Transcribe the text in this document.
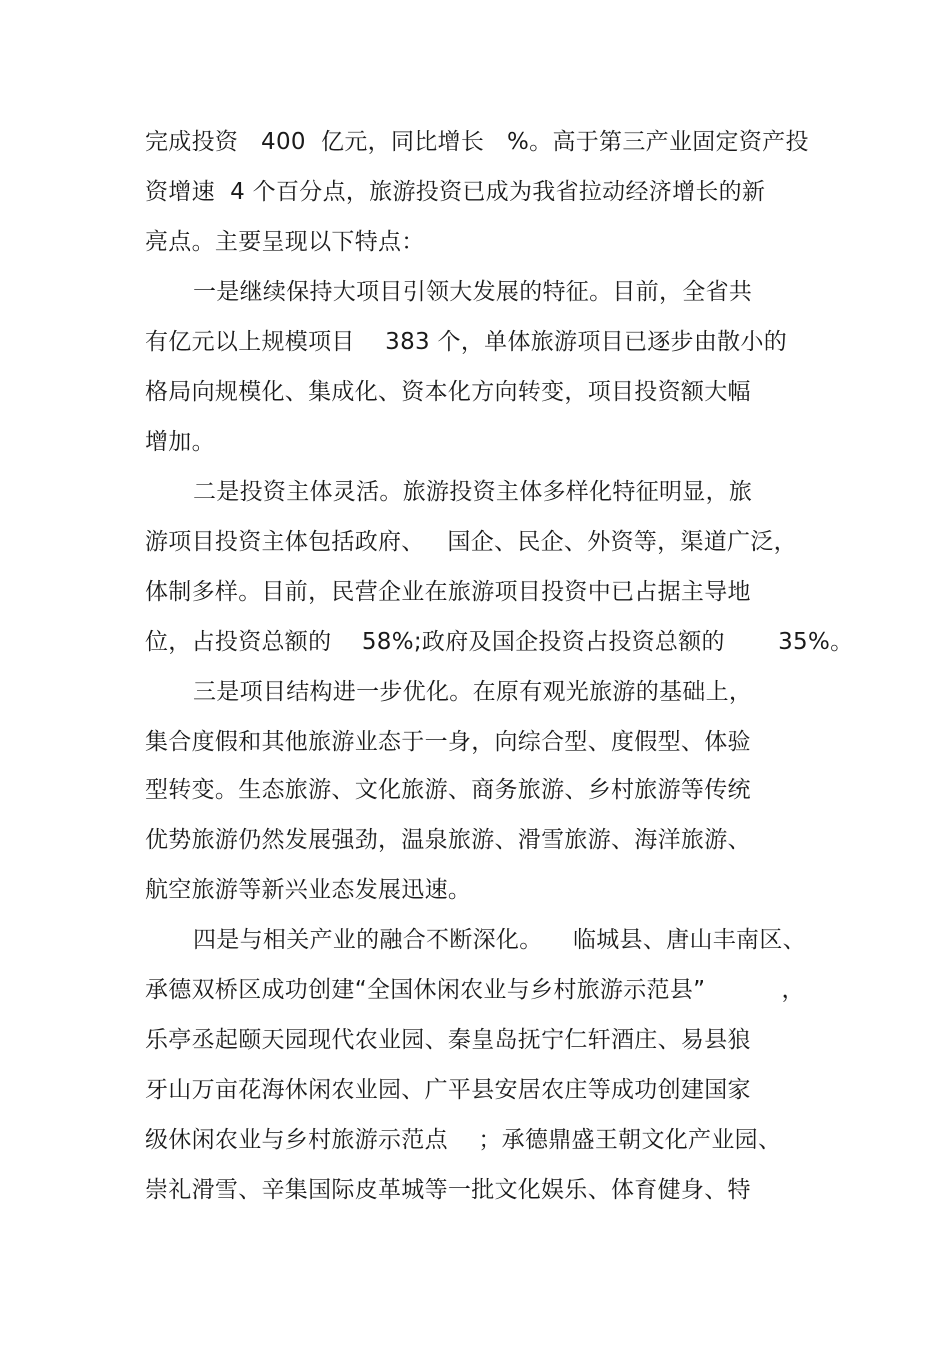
完成投资   400  亿元，同比增长   %。高于第三产业固定资产投
资增速  4 个百分点，旅游投资已成为我省拉动经济增长的新
亮点。主要呈现以下特点：
一是继续保持大项目引领大发展的特征。目前，全省共
有亿元以上规模项目    383 个，单体旅游项目已逐步由散小的
格局向规模化、集成化、资本化方向转变，项目投资额大幅
增加。
二是投资主体灵活。旅游投资主体多样化特征明显，旅
游项目投资主体包括政府、   国企、民企、外资等，渠道广泛，
体制多样。目前，民营企业在旅游项目投资中已占据主导地
位，占投资总额的    58%;政府及国企投资占投资总额的       35%。
三是项目结构进一步优化。在原有观光旅游的基础上，
集合度假和其他旅游业态于一身，向综合型、度假型、体验
型转变。生态旅游、文化旅游、商务旅游、乡村旅游等传统
优势旅游仍然发展强劲，温泉旅游、滑雪旅游、海洋旅游、
航空旅游等新兴业态发展迅速。
四是与相关产业的融合不断深化。    临城县、唐山丰南区、
承德双桥区成功创建“全国休闲农业与乡村旅游示范县”          ，
乐亭丞起颐天园现代农业园、秦皇岛抚宁仁轩酒庄、易县狼
牙山万亩花海休闲农业园、广平县安居农庄等成功创建国家
级休闲农业与乡村旅游示范点    ；承德鼎盛王朝文化产业园、
崇礼滑雪、辛集国际皮革城等一批文化娱乐、体育健身、特
